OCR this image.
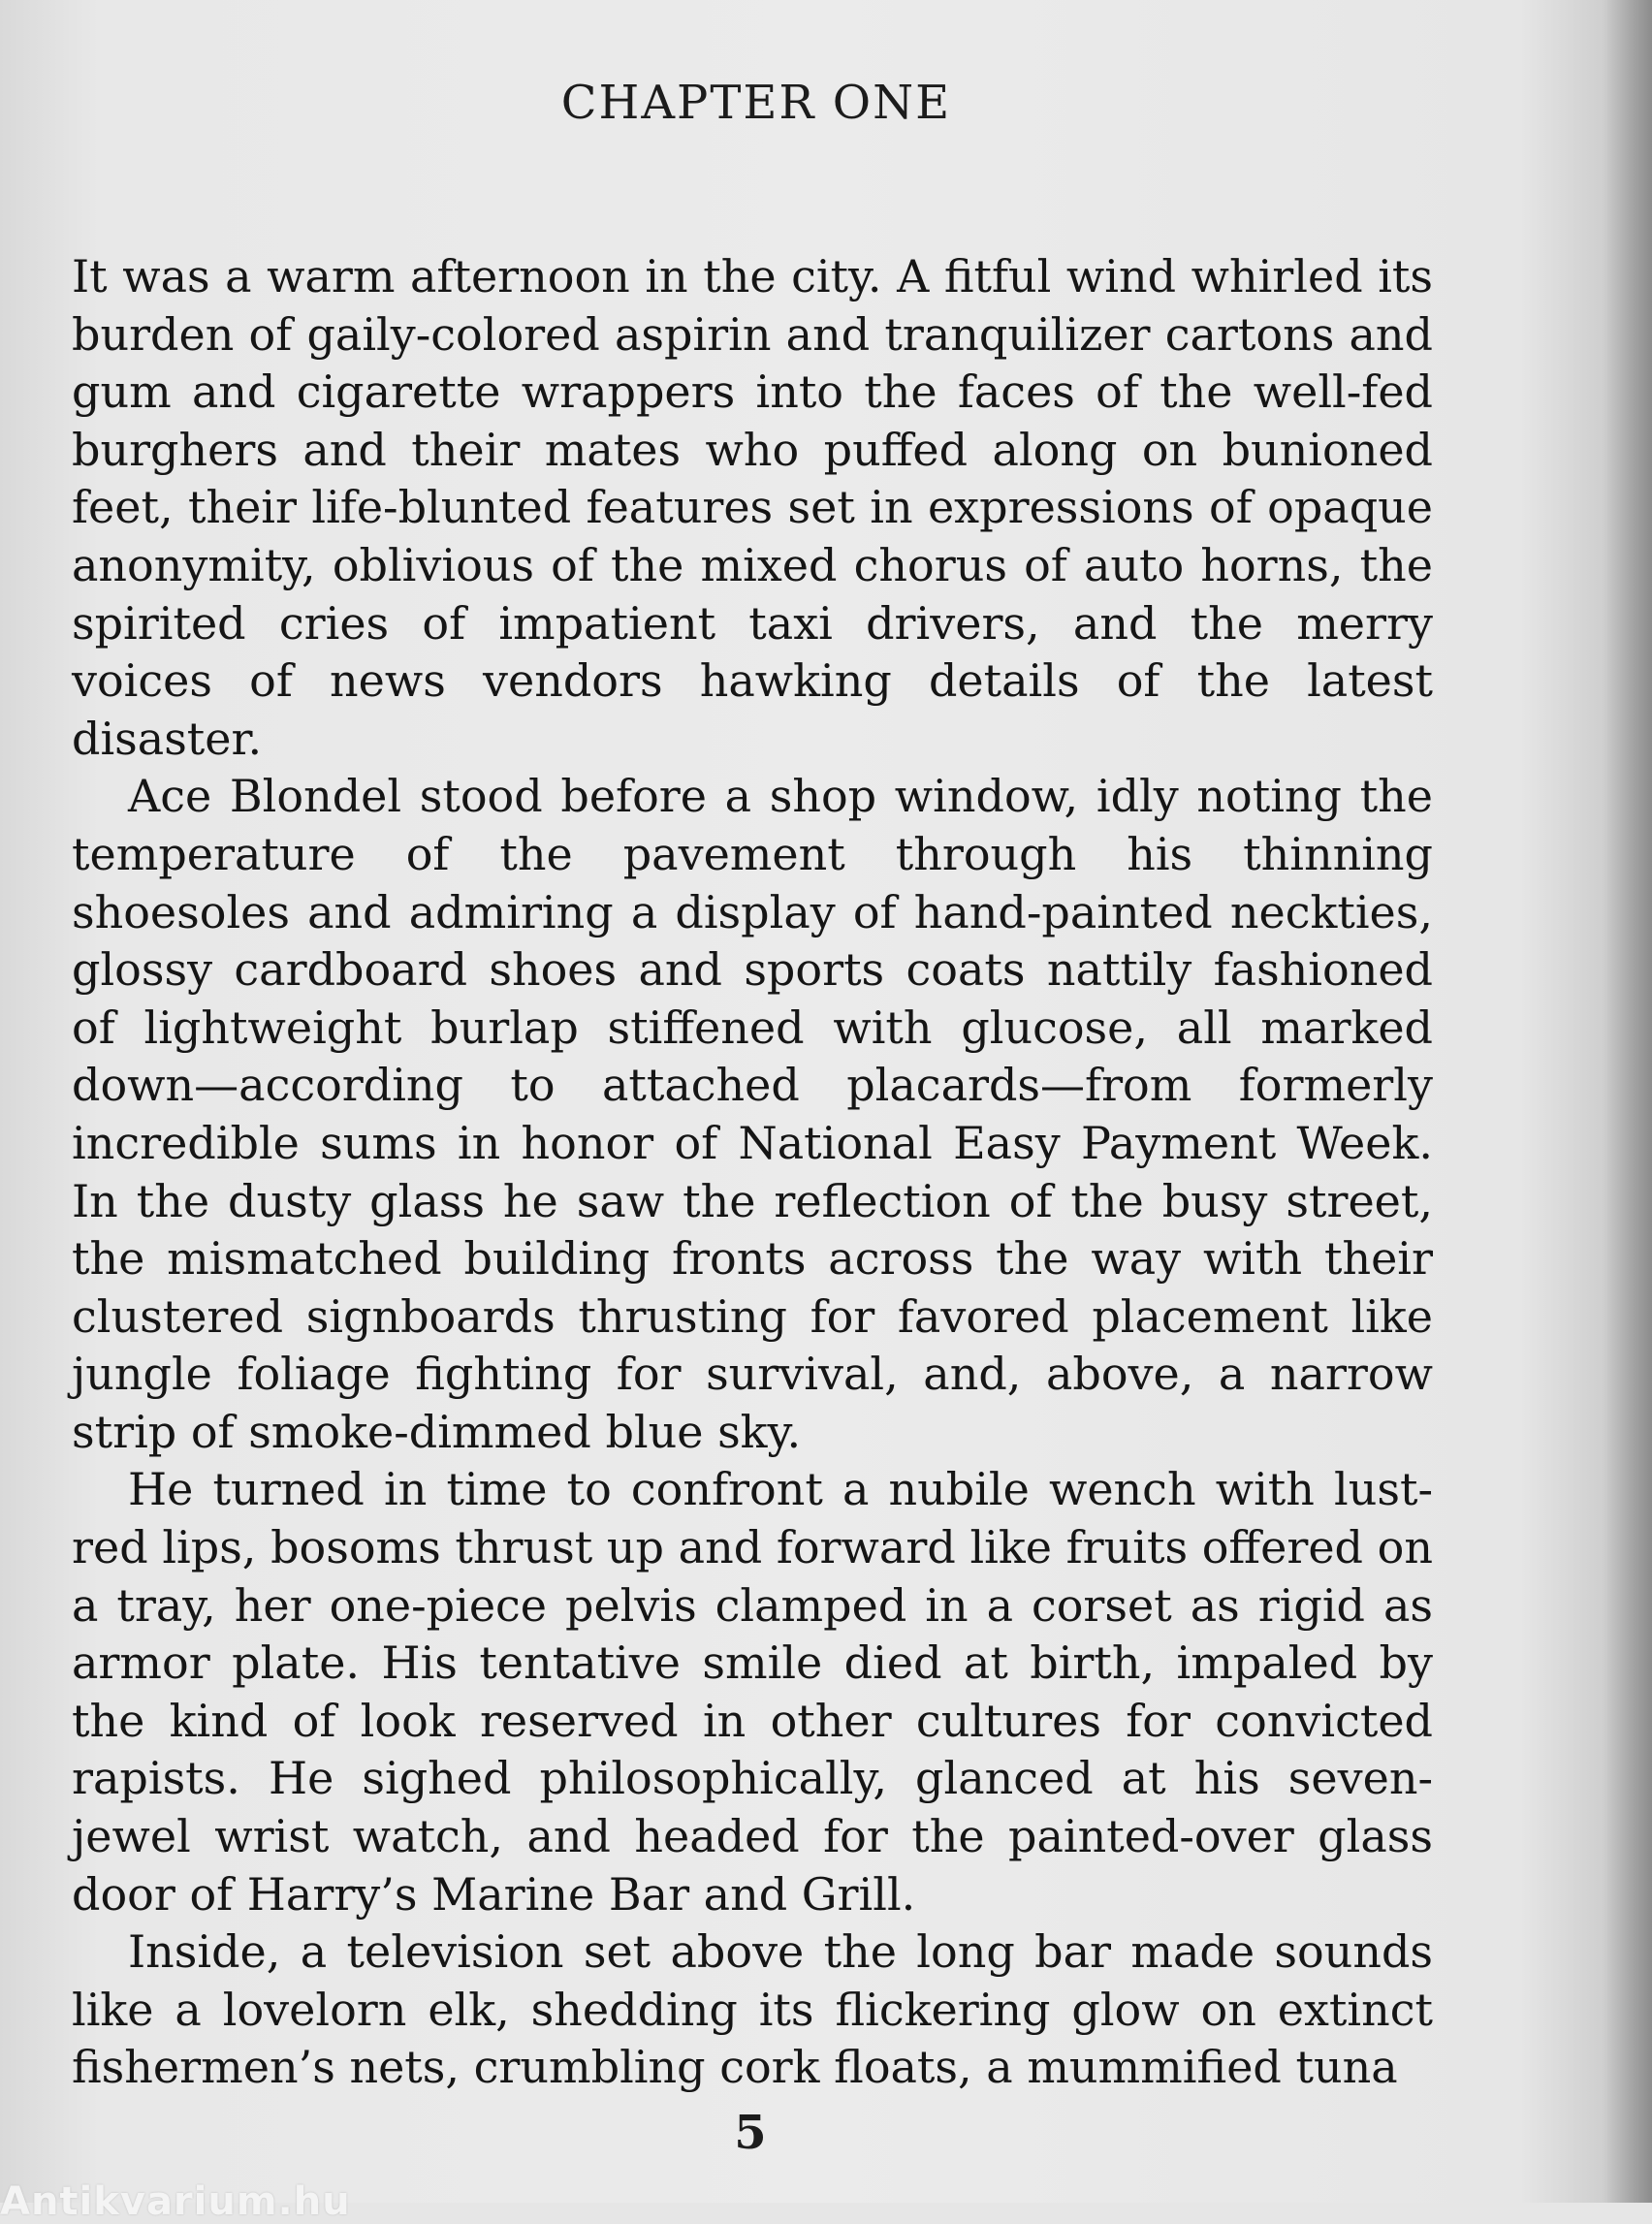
CHAPTER ONE

It was a warm afternoon in the city. A fitful wind whirled its burden of gaily-colored aspirin and tranquilizer cartons and gum and cigarette wrappers into the faces of the well-fed burghers and their mates who puffed along on bunioned feet, their life-blunted features set in expressions of opaque anonymity, oblivious of the mixed chorus of auto horns, the spirited cries of impatient taxi drivers, and the merry voices of news vendors hawking details of the latest disaster.

Ace Blondel stood before a shop window, idly noting the temperature of the pavement through his thinning shoesoles and admiring a display of hand-painted neckties, glossy cardboard shoes and sports coats nattily fashioned of lightweight burlap stiffened with glucose, all marked down—according to attached placards—from formerly incredible sums in honor of National Easy Payment Week. In the dusty glass he saw the reflection of the busy street, the mismatched building fronts across the way with their clustered signboards thrusting for favored placement like jungle foliage fighting for survival, and, above, a narrow strip of smoke-dimmed blue sky.

He turned in time to confront a nubile wench with lust-red lips, bosoms thrust up and forward like fruits offered on a tray, her one-piece pelvis clamped in a corset as rigid as armor plate. His tentative smile died at birth, impaled by the kind of look reserved in other cultures for convicted rapists. He sighed philosophically, glanced at his seven-jewel wrist watch, and headed for the painted-over glass door of Harry’s Marine Bar and Grill.

Inside, a television set above the long bar made sounds like a lovelorn elk, shedding its flickering glow on extinct fishermen’s nets, crumbling cork floats, a mummified tuna

5
Antikvarium.hu
